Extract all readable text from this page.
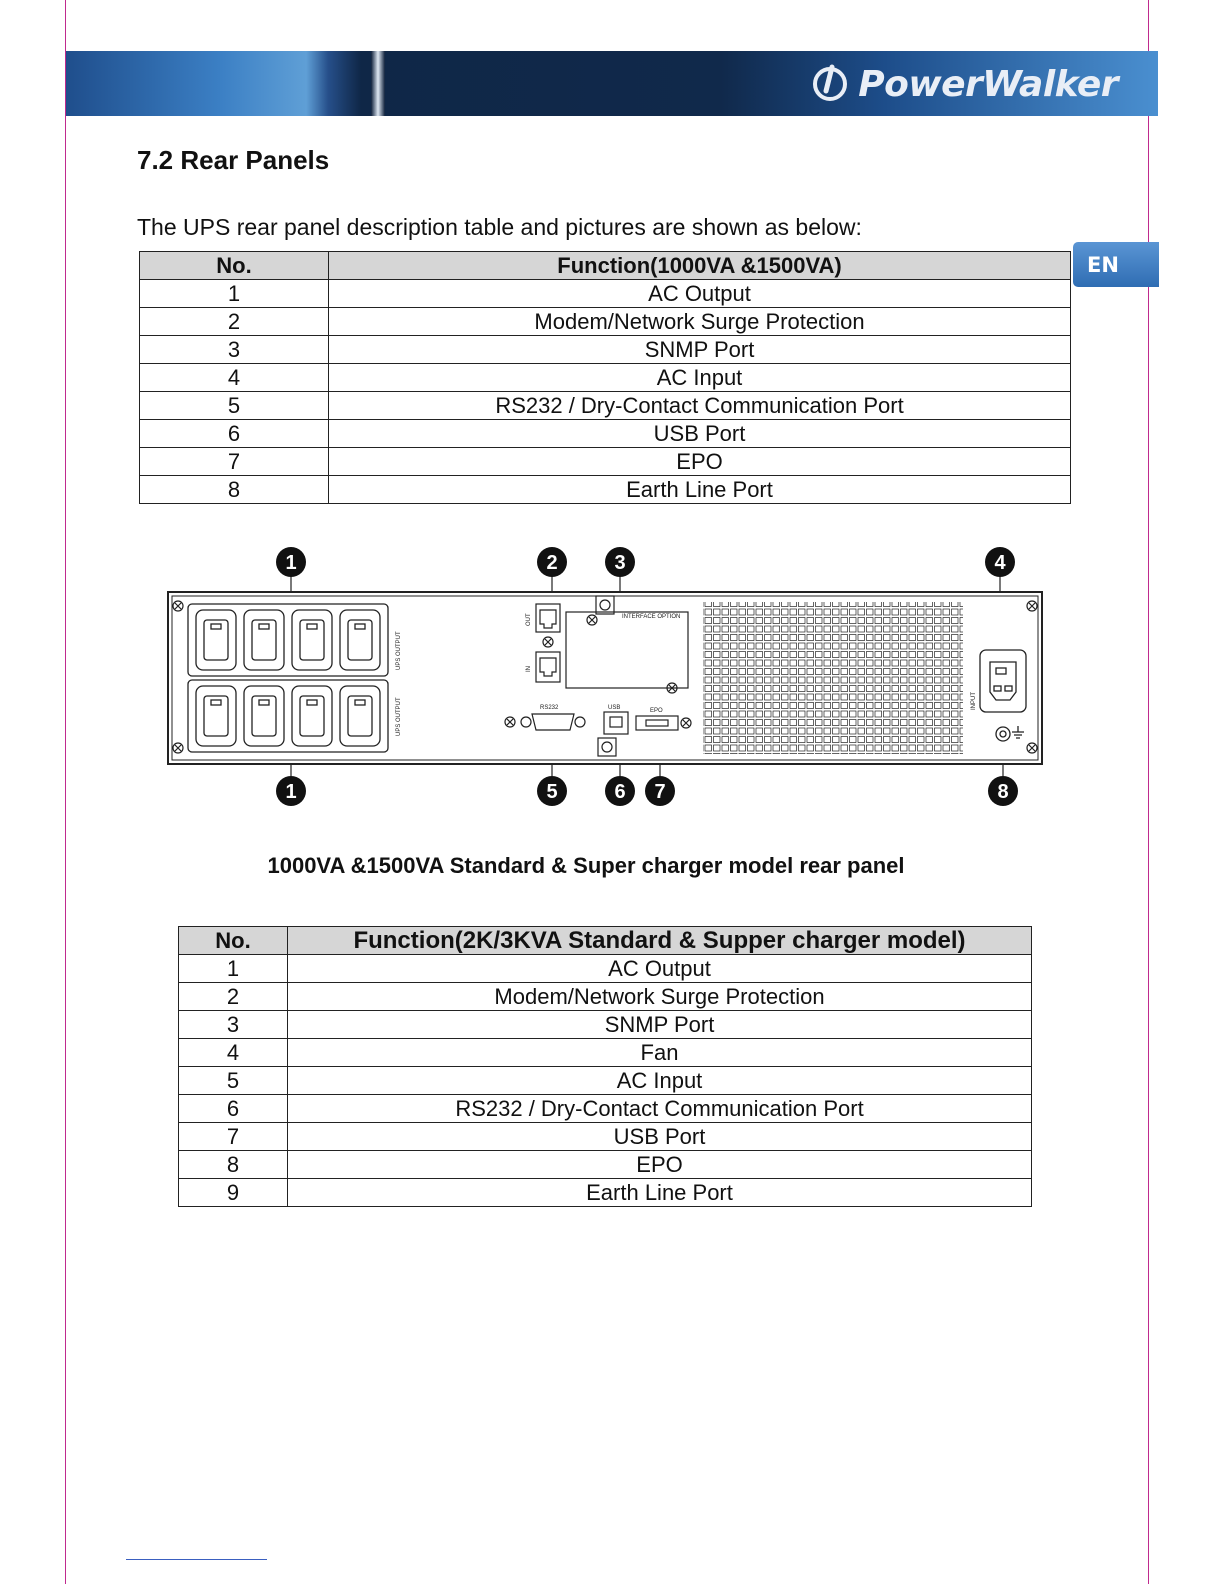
PowerWalker
EN
7.2 Rear Panels

The UPS rear panel description table and pictures are shown as below:

No.	Function(1000VA &1500VA)
1	AC Output
2	Modem/Network Surge Protection
3	SNMP Port
4	AC Input
5	RS232 / Dry-Contact Communication Port
6	USB Port
7	EPO
8	Earth Line Port
UPS OUTPUT
UPS OUTPUT
OUT
IN
INTERFACE OPTION
RS232	USB	EPO
INPUT
1	2	3	4
1	5	6 7	8

1000VA &1500VA Standard & Super charger model rear panel

No.	Function(2K/3KVA Standard & Supper charger model)
1	AC Output
2	Modem/Network Surge Protection
3	SNMP Port
4	Fan
5	AC Input
6	RS232 / Dry-Contact Communication Port
7	USB Port
8	EPO
9	Earth Line Port
